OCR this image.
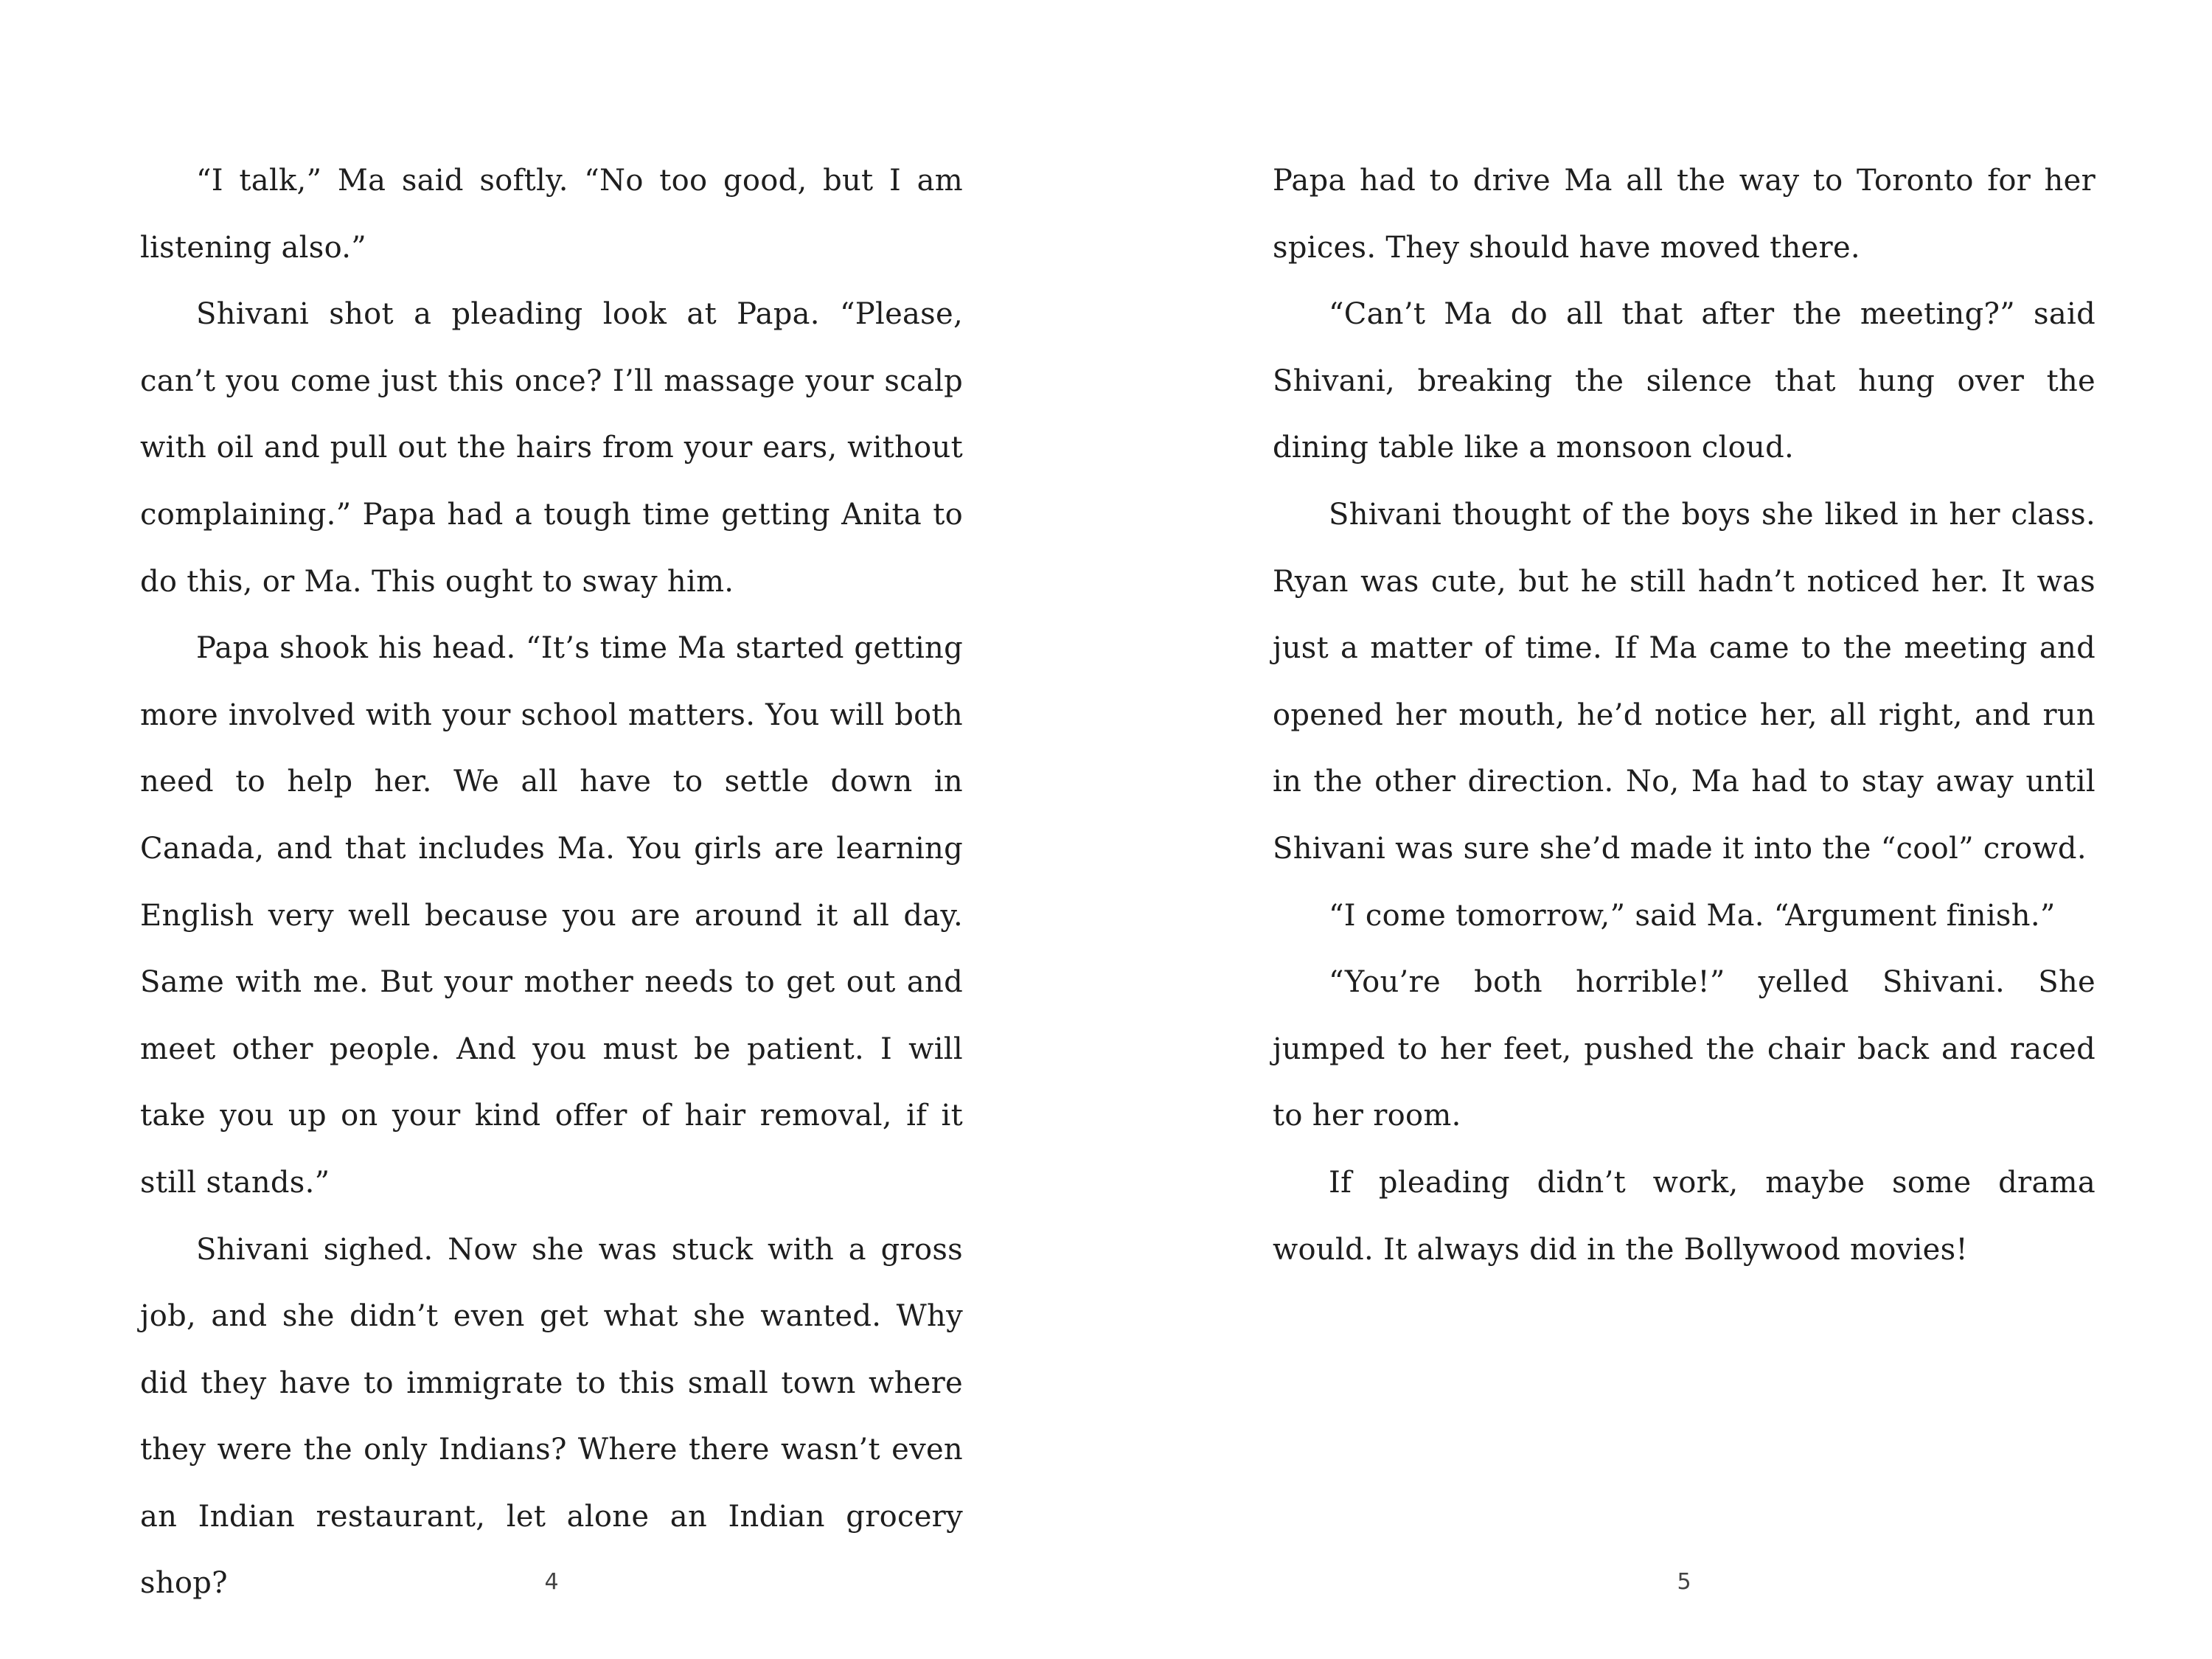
“I talk,” Ma said softly. “No too good, but I am listening also.”

Shivani shot a pleading look at Papa. “Please, can’t you come just this once? I’ll massage your scalp with oil and pull out the hairs from your ears, without complaining.” Papa had a tough time getting Anita to do this, or Ma. This ought to sway him.

Papa shook his head. “It’s time Ma started getting more involved with your school matters. You will both need to help her. We all have to settle down in Canada, and that includes Ma. You girls are learning English very well because you are around it all day. Same with me. But your mother needs to get out and meet other people. And you must be patient. I will take you up on your kind offer of hair removal, if it still stands.”

Shivani sighed. Now she was stuck with a gross job, and she didn’t even get what she wanted. Why did they have to immigrate to this small town where they were the only Indians? Where there wasn’t even an Indian restaurant, let alone an Indian grocery shop?	4

Papa had to drive Ma all the way to Toronto for her spices. They should have moved there.

“Can’t Ma do all that after the meeting?” said Shivani, breaking the silence that hung over the dining table like a monsoon cloud.

Shivani thought of the boys she liked in her class. Ryan was cute, but he still hadn’t noticed her. It was just a matter of time. If Ma came to the meeting and opened her mouth, he’d notice her, all right, and run in the other direction. No, Ma had to stay away until Shivani was sure she’d made it into the “cool” crowd.

“I come tomorrow,” said Ma. “Argument finish.”

“You’re both horrible!” yelled Shivani. She jumped to her feet, pushed the chair back and raced to her room.

If pleading didn’t work, maybe some drama would. It always did in the Bollywood movies!

5
